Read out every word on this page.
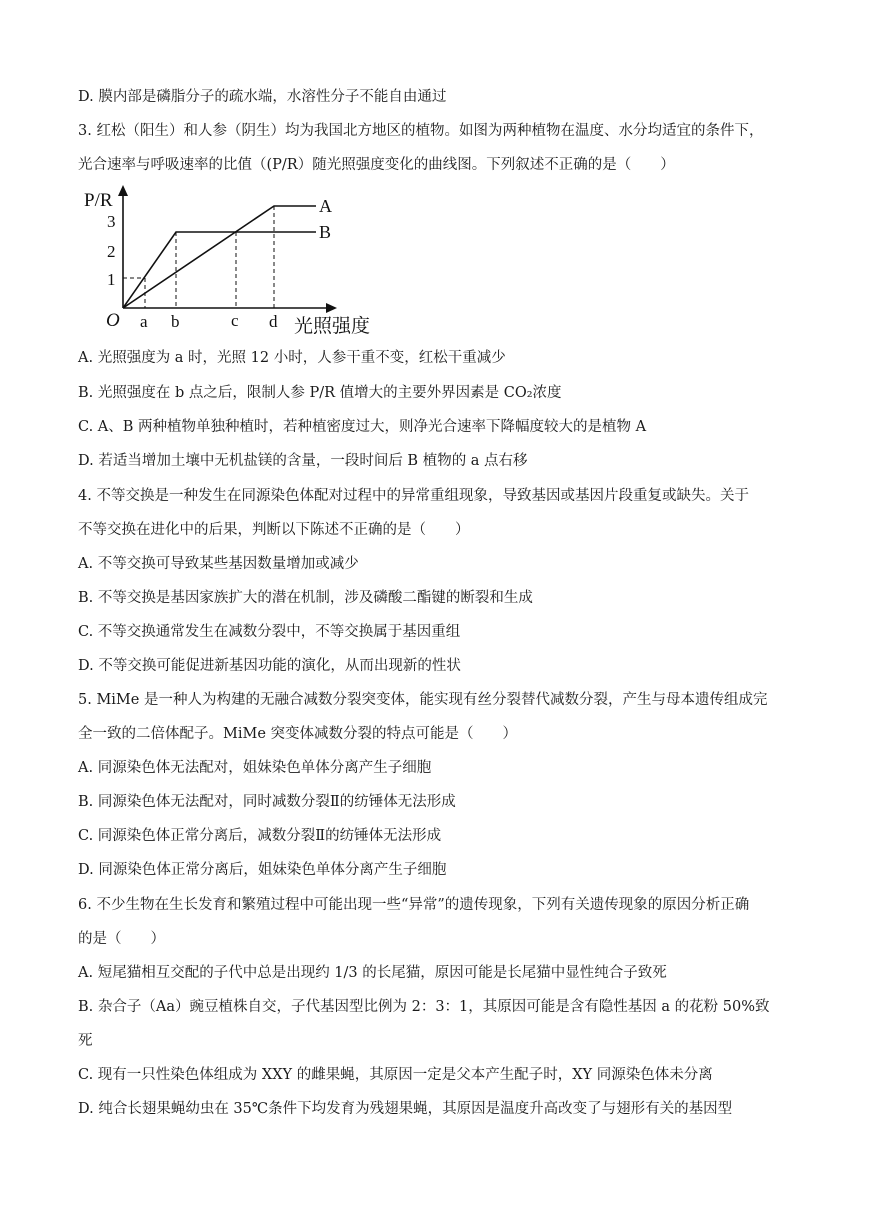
D. 膜内部是磷脂分子的疏水端，水溶性分子不能自由通过
3. 红松（阳生）和人参（阴生）均为我国北方地区的植物。如图为两种植物在温度、水分均适宜的条件下，
光合速率与呼吸速率的比值（(P/R）随光照强度变化的曲线图。下列叙述不正确的是（　　）
P/R
3
2
1
O a b	c d 光照强度
A
B
A. 光照强度为 a 时，光照 12 小时，人参干重不变，红松干重减少
B. 光照强度在 b 点之后，限制人参 P/R 值增大的主要外界因素是 CO₂浓度
C. A、B 两种植物单独种植时，若种植密度过大，则净光合速率下降幅度较大的是植物 A
D. 若适当增加土壤中无机盐镁的含量，一段时间后 B 植物的 a 点右移
4. 不等交换是一种发生在同源染色体配对过程中的异常重组现象，导致基因或基因片段重复或缺失。关于
不等交换在进化中的后果，判断以下陈述不正确的是（　　）
A. 不等交换可导致某些基因数量增加或减少
B. 不等交换是基因家族扩大的潜在机制，涉及磷酸二酯键的断裂和生成
C. 不等交换通常发生在减数分裂中，不等交换属于基因重组
D. 不等交换可能促进新基因功能的演化，从而出现新的性状
5. MiMe 是一种人为构建的无融合减数分裂突变体，能实现有丝分裂替代减数分裂，产生与母本遗传组成完
全一致的二倍体配子。MiMe 突变体减数分裂的特点可能是（　　）
A. 同源染色体无法配对，姐妹染色单体分离产生子细胞
B. 同源染色体无法配对，同时减数分裂Ⅱ的纺锤体无法形成
C. 同源染色体正常分离后，减数分裂Ⅱ的纺锤体无法形成
D. 同源染色体正常分离后，姐妹染色单体分离产生子细胞
6. 不少生物在生长发育和繁殖过程中可能出现一些“异常”的遗传现象，下列有关遗传现象的原因分析正确
的是（　　）
A. 短尾猫相互交配的子代中总是出现约 1/3 的长尾猫，原因可能是长尾猫中显性纯合子致死
B. 杂合子（Aa）豌豆植株自交，子代基因型比例为 2：3：1，其原因可能是含有隐性基因 a 的花粉 50%致
死
C. 现有一只性染色体组成为 XXY 的雌果蝇，其原因一定是父本产生配子时，XY 同源染色体未分离
D. 纯合长翅果蝇幼虫在 35℃条件下均发育为残翅果蝇，其原因是温度升高改变了与翅形有关的基因型
